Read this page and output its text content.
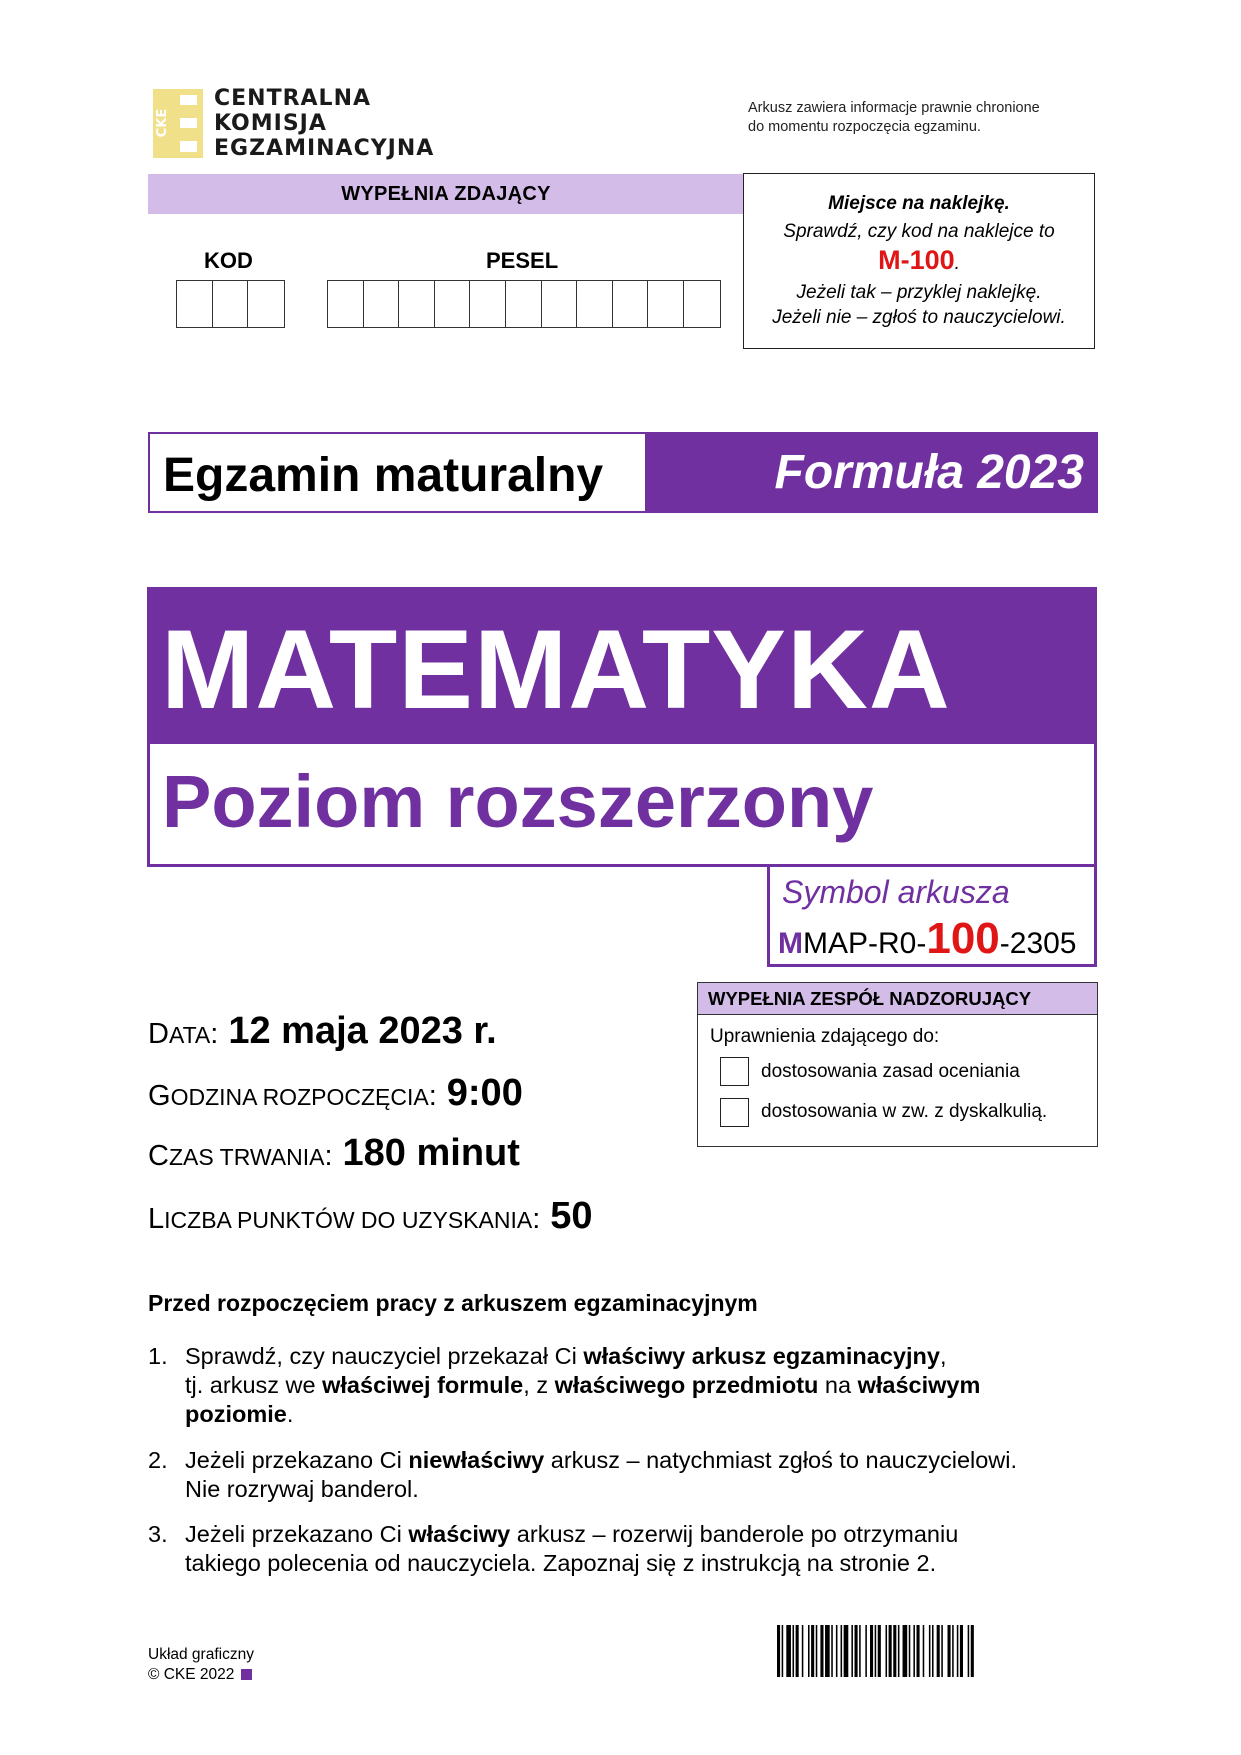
CKE
CENTRALNA
KOMISJA
EGZAMINACYJNA
Arkusz zawiera informacje prawnie chronione
do momentu rozpoczęcia egzaminu.
WYPEŁNIA ZDAJĄCY
KOD	PESEL
Miejsce na naklejkę.
Sprawdź, czy kod na naklejce to
M-100.
Jeżeli tak – przyklej naklejkę.
Jeżeli nie – zgłoś to nauczycielowi.
Egzamin maturalny	Formuła 2023
MATEMATYKA
Poziom rozszerzony
Symbol arkusza
MMAP-R0-100-2305
WYPEŁNIA ZESPÓŁ NADZORUJĄCY
Uprawnienia zdającego do:
dostosowania zasad oceniania
dostosowania w zw. z dyskalkulią.
DATA: 12 maja 2023 r.
GODZINA ROZPOCZĘCIA: 9:00
CZAS TRWANIA: 180 minut
LICZBA PUNKTÓW DO UZYSKANIA: 50
Przed rozpoczęciem pracy z arkuszem egzaminacyjnym
1. Sprawdź, czy nauczyciel przekazał Ci właściwy arkusz egzaminacyjny,
tj. arkusz we właściwej formule, z właściwego przedmiotu na właściwym poziomie.
2. Jeżeli przekazano Ci niewłaściwy arkusz – natychmiast zgłoś to nauczycielowi.
Nie rozrywaj banderol.
3. Jeżeli przekazano Ci właściwy arkusz – rozerwij banderole po otrzymaniu
takiego polecenia od nauczyciela. Zapoznaj się z instrukcją na stronie 2.
Układ graficzny
© CKE 2022
